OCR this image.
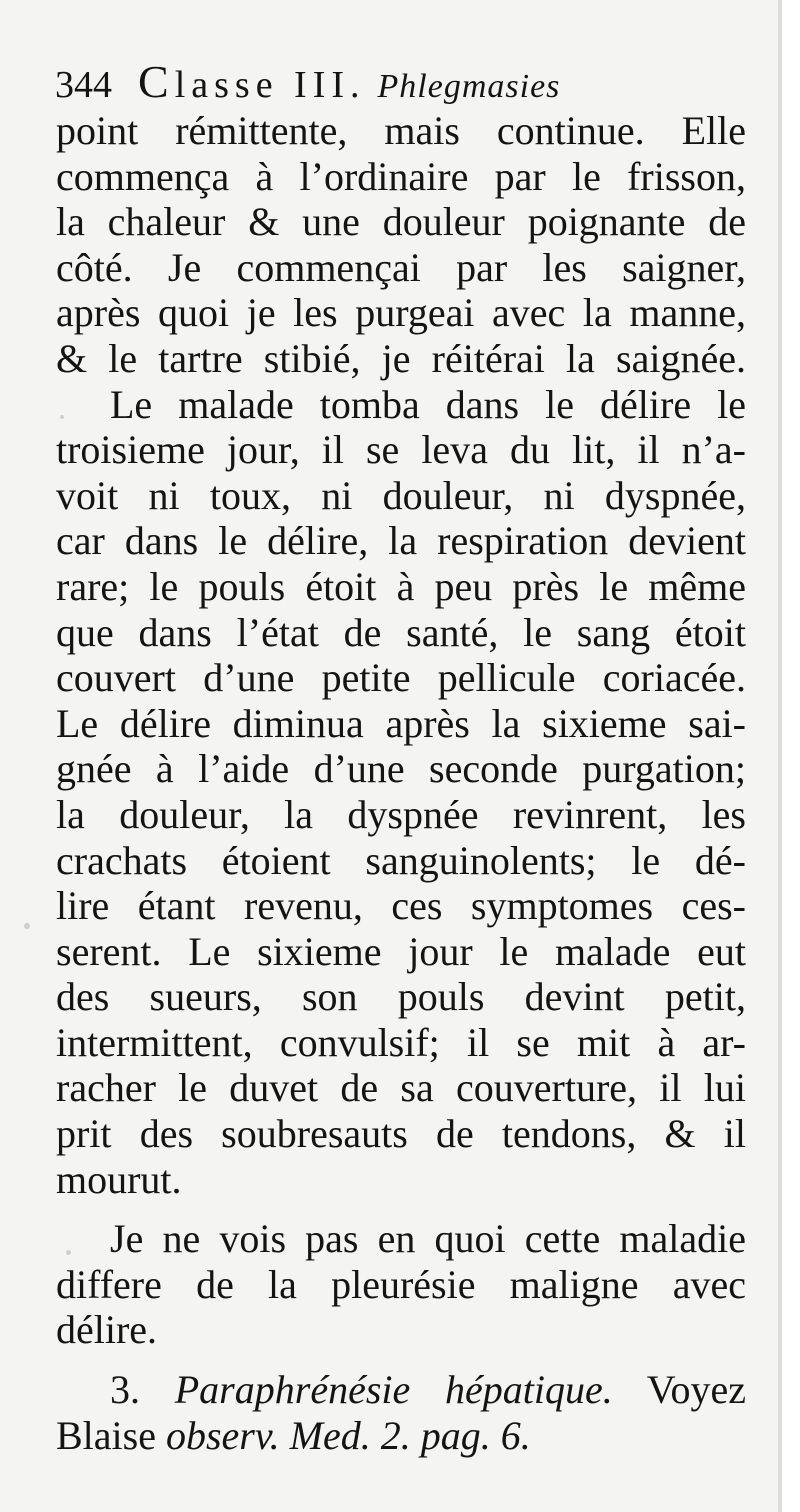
344 Classe III. Phlegmasies
point rémittente, mais continue. Elle
commença à l’ordinaire par le frisson,
la chaleur & une douleur poignante de
côté. Je commençai par les saigner,
après quoi je les purgeai avec la manne,
& le tartre stibié, je réitérai la saignée.
Le malade tomba dans le délire le
troisieme jour, il se leva du lit, il n’a-
voit ni toux, ni douleur, ni dyspnée,
car dans le délire, la respiration devient
rare; le pouls étoit à peu près le même
que dans l’état de santé, le sang étoit
couvert d’une petite pellicule coriacée.
Le délire diminua après la sixieme sai-
gnée à l’aide d’une seconde purgation;
la douleur, la dyspnée revinrent, les
crachats étoient sanguinolents; le dé-
lire étant revenu, ces symptomes ces-
serent. Le sixieme jour le malade eut
des sueurs, son pouls devint petit,
intermittent, convulsif; il se mit à ar-
racher le duvet de sa couverture, il lui
prit des soubresauts de tendons, & il
mourut.
Je ne vois pas en quoi cette maladie
differe de la pleurésie maligne avec
délire.
3. Paraphrénésie hépatique. Voyez
Blaise observ. Med. 2. pag. 6.
